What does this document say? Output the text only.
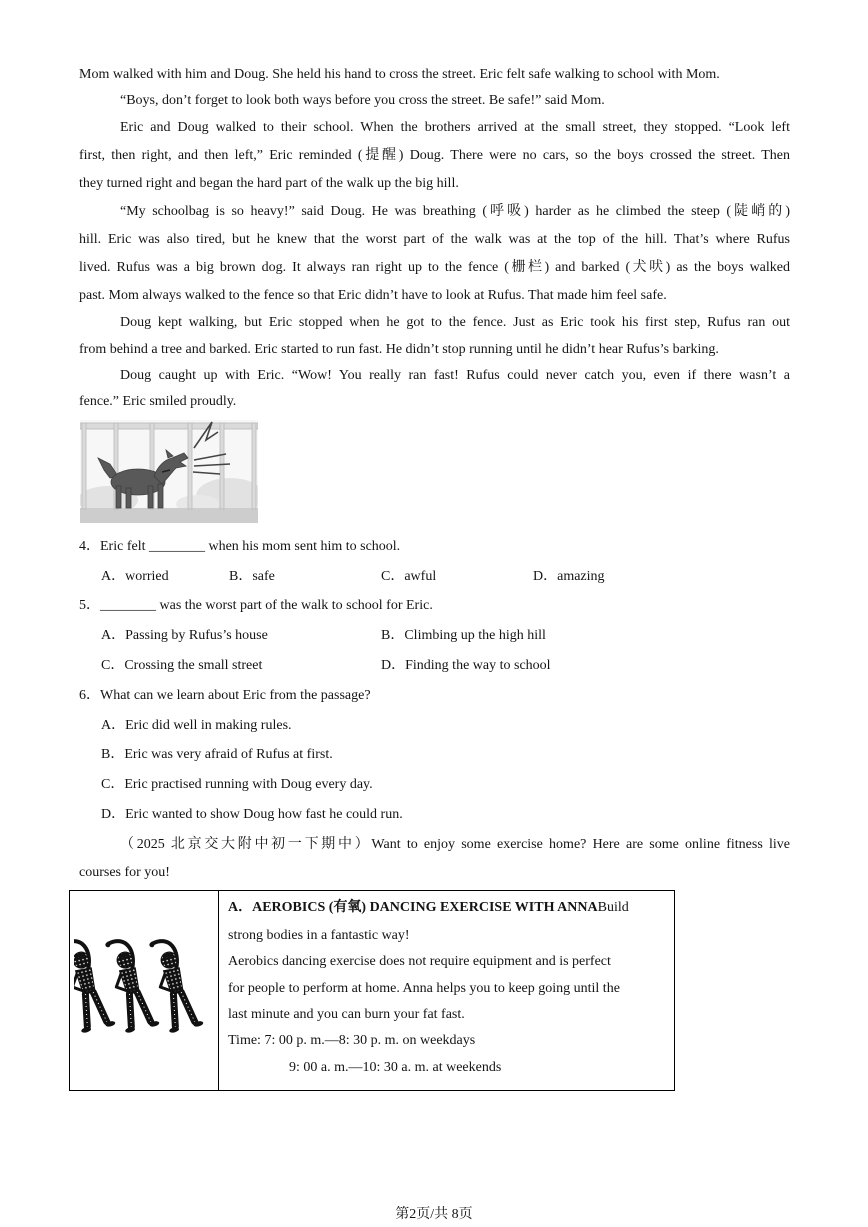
Mom walked with him and Doug. She held his hand to cross the street. Eric felt safe walking to school with Mom.
“Boys, don’t forget to look both ways before you cross the street. Be safe!” said Mom.
Eric and Doug walked to their school. When the brothers arrived at the small street, they stopped. “Look left
first, then right, and then left,” Eric reminded (提醒) Doug. There were no cars, so the boys crossed the street. Then
they turned right and began the hard part of the walk up the big hill.
“My schoolbag is so heavy!” said Doug. He was breathing (呼吸) harder as he climbed the steep (陡峭的)
hill. Eric was also tired, but he knew that the worst part of the walk was at the top of the hill. That’s where Rufus
lived. Rufus was a big brown dog. It always ran right up to the fence (栅栏) and barked (犬吠) as the boys walked
past. Mom always walked to the fence so that Eric didn’t have to look at Rufus. That made him feel safe.
Doug kept walking, but Eric stopped when he got to the fence. Just as Eric took his first step, Rufus ran out
from behind a tree and barked. Eric started to run fast. He didn’t stop running until he didn’t hear Rufus’s barking.
Doug caught up with Eric. “Wow! You really ran fast! Rufus could never catch you, even if there wasn’t a
fence.” Eric smiled proudly.
4．Eric felt ________ when his mom sent him to school.
A．worried	B．safe	C．awful	D．amazing
5．________ was the worst part of the walk to school for Eric.
A．Passing by Rufus’s house	B．Climbing up the high hill
C．Crossing the small street	D．Finding the way to school
6．What can we learn about Eric from the passage?
A．Eric did well in making rules.
B．Eric was very afraid of Rufus at first.
C．Eric practised running with Doug every day.
D．Eric wanted to show Doug how fast he could run.
（2025 北京交大附中初一下期中）Want to enjoy some exercise home? Here are some online fitness live
courses for you!
A．AEROBICS (有氧) DANCING EXERCISE WITH ANNABuild
strong bodies in a fantastic way!
Aerobics dancing exercise does not require equipment and is perfect
for people to perform at home. Anna helps you to keep going until the
last minute and you can burn your fat fast.
Time: 7: 00 p. m.—8: 30 p. m. on weekdays
9: 00 a. m.—10: 30 a. m. at weekends
第2页/共 8页
